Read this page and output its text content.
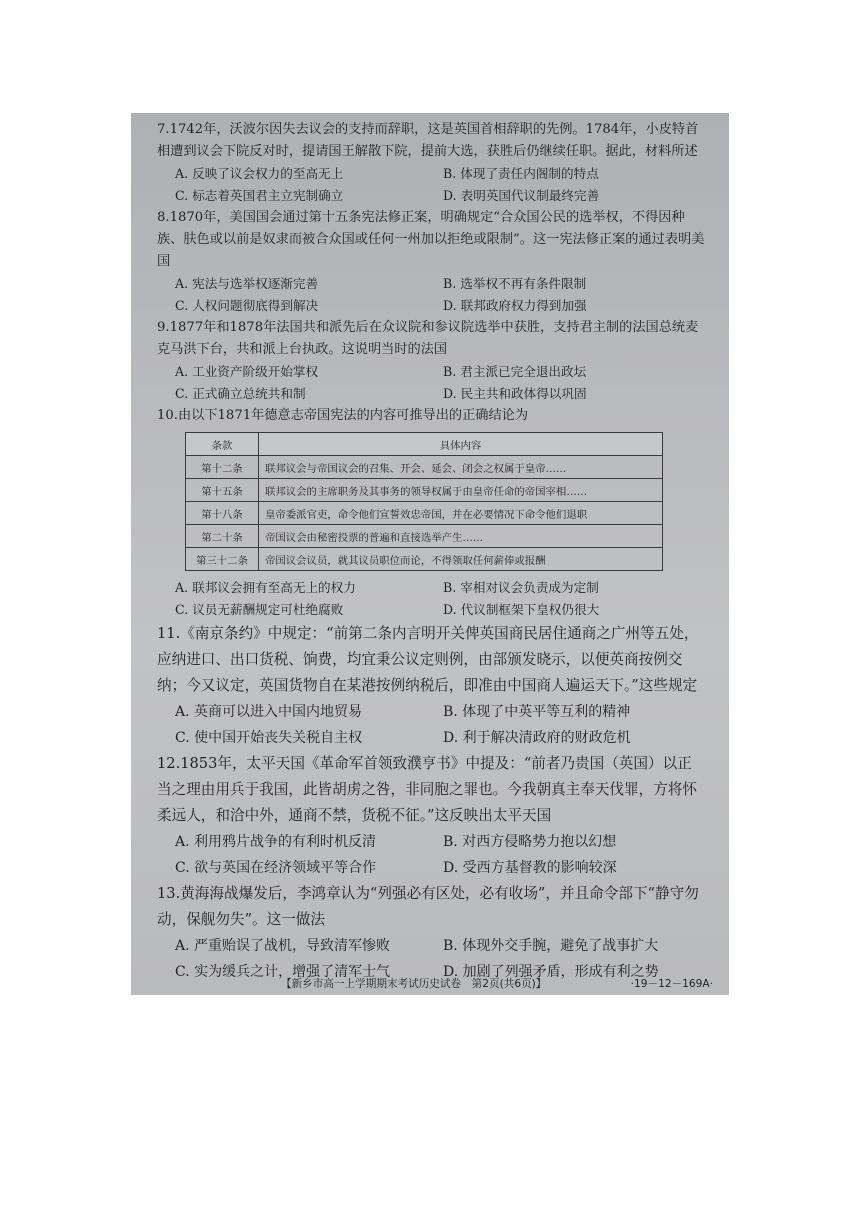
7.1742年，沃波尔因失去议会的支持而辞职，这是英国首相辞职的先例。1784年，小皮特首相遭到议会下院反对时，提请国王解散下院，提前大选，获胜后仍继续任职。据此，材料所述

A. 反映了议会权力的至高无上	B. 体现了责任内阁制的特点
C. 标志着英国君主立宪制确立	D. 表明英国代议制最终完善

8.1870年，美国国会通过第十五条宪法修正案，明确规定“合众国公民的选举权，不得因种族、肤色或以前是奴隶而被合众国或任何一州加以拒绝或限制”。这一宪法修正案的通过表明美国

A. 宪法与选举权逐渐完善	B. 选举权不再有条件限制
C. 人权问题彻底得到解决	D. 联邦政府权力得到加强

9.1877年和1878年法国共和派先后在众议院和参议院选举中获胜，支持君主制的法国总统麦克马洪下台，共和派上台执政。这说明当时的法国

A. 工业资产阶级开始掌权	B. 君主派已完全退出政坛
C. 正式确立总统共和制	D. 民主共和政体得以巩固

10.由以下1871年德意志帝国宪法的内容可推导出的正确结论为

条款	具体内容
第十二条	联邦议会与帝国议会的召集、开会、延会、闭会之权属于皇帝……
第十五条	联邦议会的主席职务及其事务的领导权属于由皇帝任命的帝国宰相……
第十八条	皇帝委派官吏，命令他们宣誓效忠帝国，并在必要情况下命令他们退职
第二十条	帝国议会由秘密投票的普遍和直接选举产生……
第三十二条	帝国议会议员，就其议员职位而论，不得领取任何薪俸或报酬
A. 联邦议会拥有至高无上的权力	B. 宰相对议会负责成为定制
C. 议员无薪酬规定可杜绝腐败	D. 代议制框架下皇权仍很大

11.《南京条约》中规定：“前第二条内言明开关俾英国商民居住通商之广州等五处，应纳进口、出口货税、饷费，均宜秉公议定则例，由部颁发晓示，以便英商按例交纳；今又议定，英国货物自在某港按例纳税后，即准由中国商人遍运天下。”这些规定

A. 英商可以进入中国内地贸易	B. 体现了中英平等互利的精神
C. 使中国开始丧失关税自主权	D. 利于解决清政府的财政危机

12.1853年，太平天国《革命军首领致濮亨书》中提及：“前者乃贵国（英国）以正当之理由用兵于我国，此皆胡虏之咎，非同胞之罪也。今我朝真主奉天伐罪，方将怀柔远人，和洽中外，通商不禁，货税不征。”这反映出太平天国

A. 利用鸦片战争的有利时机反清	B. 对西方侵略势力抱以幻想
C. 欲与英国在经济领域平等合作	D. 受西方基督教的影响较深

13.黄海海战爆发后，李鸿章认为“列强必有区处，必有收场”，并且命令部下“静守勿动，保舰勿失”。这一做法

A. 严重贻误了战机，导致清军惨败	B. 体现外交手腕，避免了战事扩大
C. 实为缓兵之计，增强了清军士气	D. 加剧了列强矛盾，形成有利之势
【新乡市高一上学期期末考试历史试卷　第2页(共6页)】	·19－12－169A·
